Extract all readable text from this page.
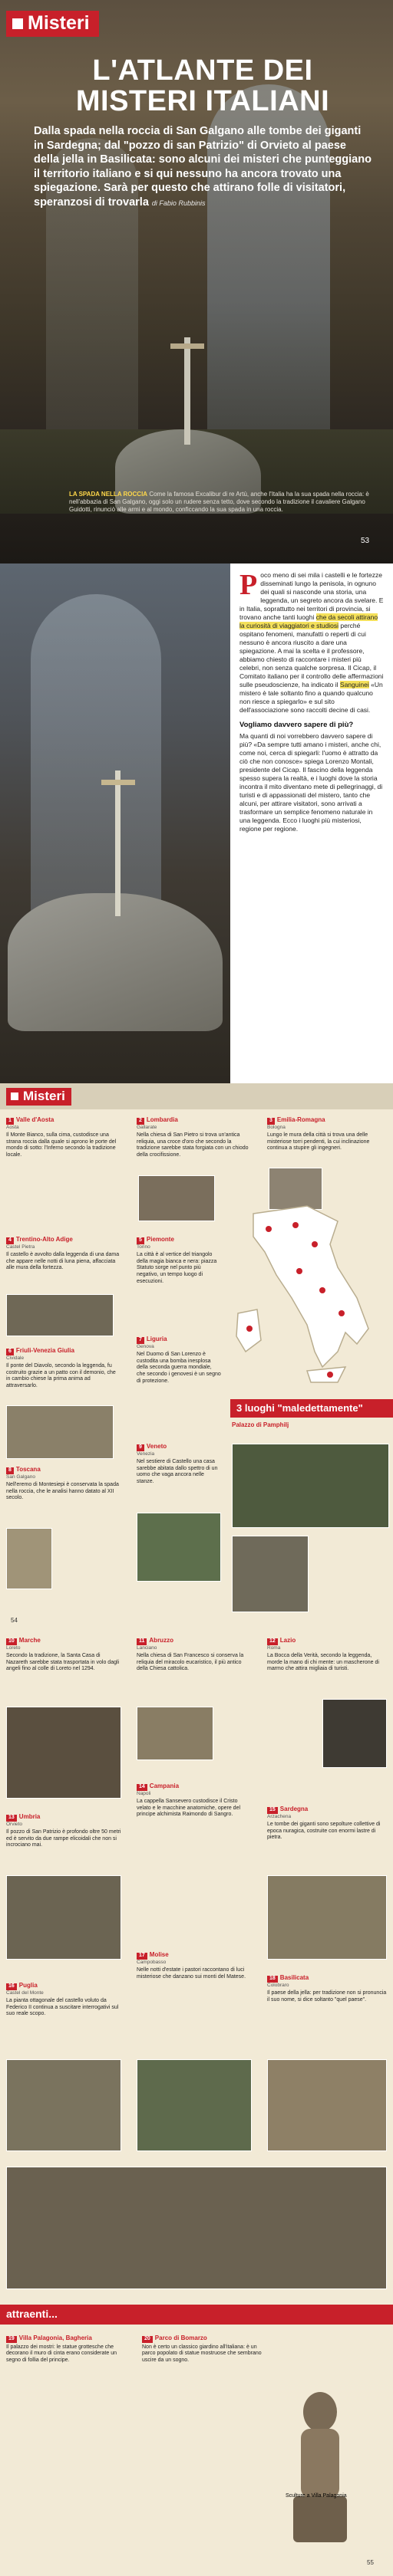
Misteri
L'ATLANTE DEI MISTERI ITALIANI
Dalla spada nella roccia di San Galgano alle tombe dei giganti in Sardegna; dal "pozzo di san Patrizio" di Orvieto al paese della jella in Basilicata: sono alcuni dei misteri che punteggiano il territorio italiano e si qui nessuno ha ancora trovato una spiegazione. Sarà per questo che attirano folle di visitatori, speranzosi di trovarla di Fabio Rubbinis
LA SPADA NELLA ROCCIA Come la famosa Excalibur di re Artù, anche l'Italia ha la sua spada nella roccia: è nell'abbazia di San Galgano, oggi solo un rudere senza tetto, dove secondo la tradizione il cavaliere Galgano Guidotti, rinunciò alle armi e al mondo, conficcando la sua spada in una roccia.
53
P oco meno di sei mila i castelli e le fortezze disseminati lungo la penisola, in ognuno dei quali si nasconde una storia, una leggenda, un segreto ancora da svelare. E in Italia, soprattutto nei territori di provincia, si trovano anche tanti luoghi che da secoli attirano la curiosità di viaggiatori e studiosi perché ospitano fenomeni, manufatti o reperti di cui nessuno è ancora riuscito a dare una spiegazione. A mai la scelta e il professore, abbiamo chiesto di raccontare i misteri più celebri, non senza qualche sorpresa. Il Cicap, il Comitato italiano per il controllo delle affermazioni sulle pseudoscienze, ha indicato il Sanguinei «Un mistero è tale soltanto fino a quando qualcuno non riesce a spiegarlo» e sul sito dell'associazione sono raccolti decine di casi.
Vogliamo davvero sapere di più?
Ma quanti di noi vorrebbero davvero sapere di più? «Da sempre tutti amano i misteri, anche chi, come noi, cerca di spiegarli: l'uomo è attratto da ciò che non conosce» spiega Lorenzo Montali, presidente del Cicap. Il fascino della leggenda spesso supera la realtà, e i luoghi dove la storia incontra il mito diventano mete di pellegrinaggi, di turisti e di appassionati del mistero, tanto che alcuni, per attirare visitatori, sono arrivati a trasformare un semplice fenomeno naturale in una leggenda. Ecco i luoghi più misteriosi, regione per regione.
Misteri
1 Valle d'Aosta
Aosta

Il Monte Bianco, sulla cima, custodisce una strana roccia dalla quale si aprono le porte del mondo di sotto: l'Inferno secondo la tradizione locale.

2 Lombardia
Gallarate

Nella chiesa di San Pietro si trova un'antica reliquia, una croce d'oro che secondo la tradizione sarebbe stata forgiata con un chiodo della crocifissione.

3 Emilia-Romagna
Bologna

Lungo le mura della città si trova una delle misteriose torri pendenti, la cui inclinazione continua a stupire gli ingegneri.

4 Trentino-Alto Adige
Castel Pietra

Il castello è avvolto dalla leggenda di una dama che appare nelle notti di luna piena, affacciata alle mura della fortezza.

5 Piemonte
Torino

La città è al vertice del triangolo della magia bianca e nera: piazza Statuto sorge nel punto più negativo, un tempo luogo di esecuzioni.

6 Friuli-Venezia Giulia
Cividale

Il ponte del Diavolo, secondo la leggenda, fu costruito grazie a un patto con il demonio, che in cambio chiese la prima anima ad attraversarlo.

7 Liguria
Genova

Nel Duomo di San Lorenzo è custodita una bomba inesplosa della seconda guerra mondiale, che secondo i genovesi è un segno di protezione.

8 Toscana
San Galgano

Nell'eremo di Montesiepi è conservata la spada nella roccia, che le analisi hanno datato al XII secolo.

9 Veneto
Venezia

Nel sestiere di Castello una casa sarebbe abitata dallo spettro di un uomo che vaga ancora nelle stanze.

3 luoghi "maledettamente"
Palazzo di Pamphilj
54
10 Marche
Loreto

Secondo la tradizione, la Santa Casa di Nazareth sarebbe stata trasportata in volo dagli angeli fino al colle di Loreto nel 1294.

11 Abruzzo
Lanciano

Nella chiesa di San Francesco si conserva la reliquia del miracolo eucaristico, il più antico della Chiesa cattolica.

12 Lazio
Roma

La Bocca della Verità, secondo la leggenda, morde la mano di chi mente: un mascherone di marmo che attira migliaia di turisti.

13 Umbria
Orvieto

Il pozzo di San Patrizio è profondo oltre 50 metri ed è servito da due rampe elicoidali che non si incrociano mai.

14 Campania
Napoli

La cappella Sansevero custodisce il Cristo velato e le macchine anatomiche, opere del principe alchimista Raimondo di Sangro.

15 Sardegna
Arzachena

Le tombe dei giganti sono sepolture collettive di epoca nuragica, costruite con enormi lastre di pietra.

16 Puglia
Castel del Monte

La pianta ottagonale del castello voluto da Federico II continua a suscitare interrogativi sul suo reale scopo.

17 Molise
Campobasso

Nelle notti d'estate i pastori raccontano di luci misteriose che danzano sui monti del Matese.	18 Basilicata
Colobraro

Il paese della jella: per tradizione non si pronuncia il suo nome, si dice soltanto "quel paese".

attraenti...
19 Villa Palagonia, Bagheria

Il palazzo dei mostri: le statue grottesche che decorano il muro di cinta erano considerate un segno di follia del principe.

20 Parco di Bomarzo

Non è certo un classico giardino all'italiana: è un parco popolato di statue mostruose che sembrano uscire da un sogno.

Sculture a Villa Palagonia
55
